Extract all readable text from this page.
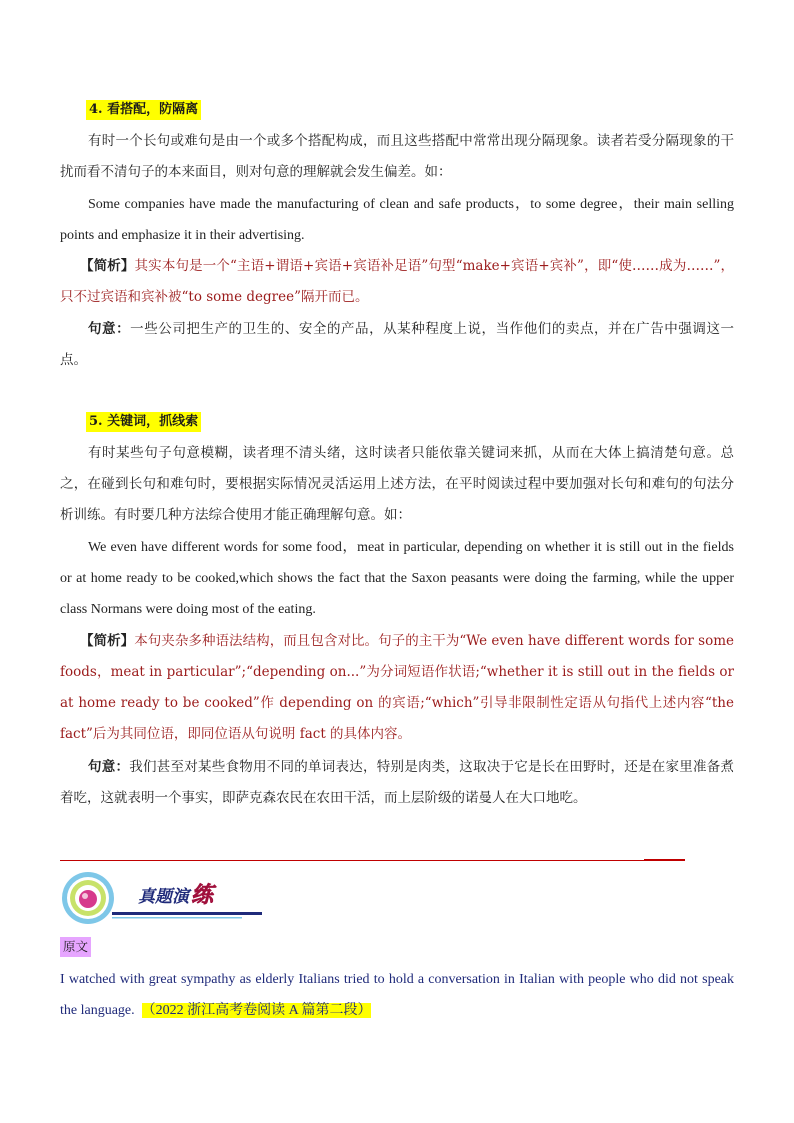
4. 看搭配，防隔离

有时一个长句或难句是由一个或多个搭配构成，而且这些搭配中常常出现分隔现象。读者若受分隔现象的干扰而看不清句子的本来面目，则对句意的理解就会发生偏差。如：

Some companies have made the manufacturing of clean and safe products，to some degree，their main selling points and emphasize it in their advertising.

【简析】其实本句是一个“主语+谓语+宾语+宾语补足语”句型“make+宾语+宾补”，即“使……成为……”，只不过宾语和宾补被“to some degree”隔开而已。

句意：一些公司把生产的卫生的、安全的产品，从某种程度上说，当作他们的卖点，并在广告中强调这一点。

5. 关键词，抓线索

有时某些句子句意模糊，读者理不清头绪，这时读者只能依靠关键词来抓，从而在大体上搞清楚句意。总之，在碰到长句和难句时，要根据实际情况灵活运用上述方法，在平时阅读过程中要加强对长句和难句的句法分析训练。有时要几种方法综合使用才能正确理解句意。如：

We even have different words for some food，meat in particular, depending on whether it is still out in the fields or at home ready to be cooked,which shows the fact that the Saxon peasants were doing the farming, while the upper class Normans were doing most of the eating.

【简析】本句夹杂多种语法结构，而且包含对比。句子的主干为“We even have different words for some foods，meat in particular”;“depending on...”为分词短语作状语;“whether it is still out in the fields or at home ready to be cooked”作 depending on 的宾语;“which”引导非限制性定语从句指代上述内容“the fact”后为其同位语，即同位语从句说明 fact 的具体内容。

句意：我们甚至对某些食物用不同的单词表达，特别是肉类，这取决于它是长在田野时，还是在家里准备煮着吃，这就表明一个事实，即萨克森农民在农田干活，而上层阶级的诺曼人在大口地吃。

真题演练
原文

I watched with great sympathy as elderly Italians tried to hold a conversation in Italian with people who did not speak the language. （2022 浙江高考卷阅读 A 篇第二段）
